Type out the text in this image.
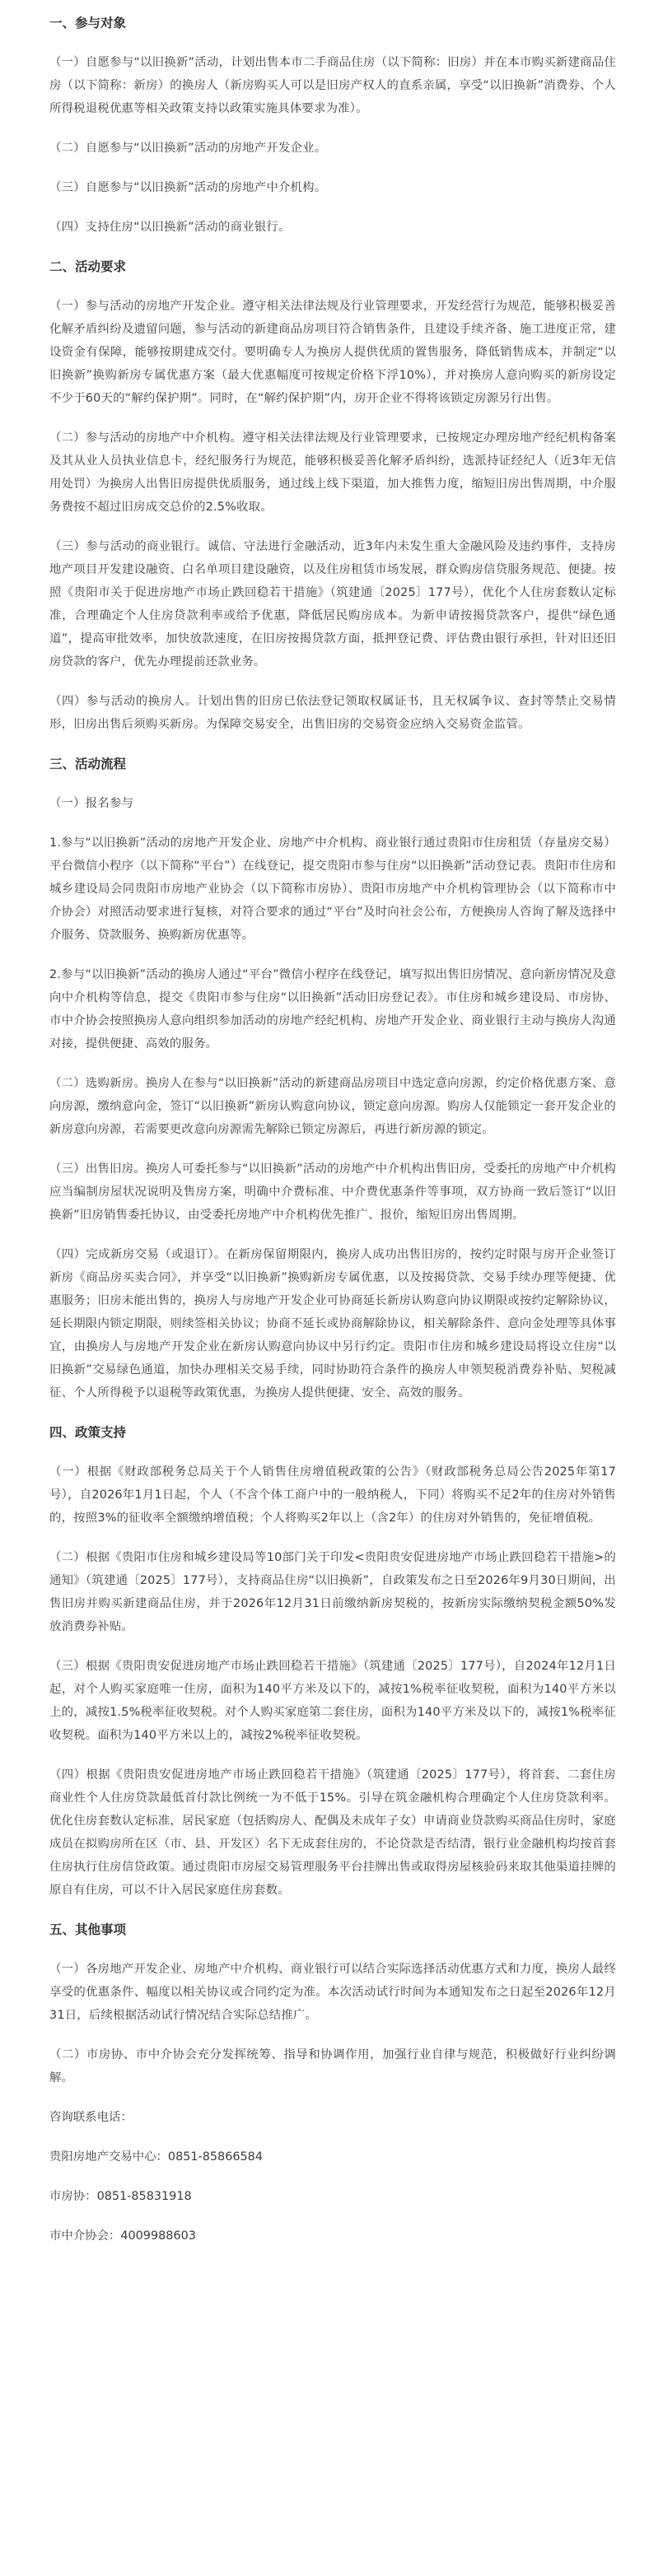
一、参与对象

（一）自愿参与“以旧换新”活动，计划出售本市二手商品住房（以下简称：旧房）并在本市购买新建商品住房（以下简称：新房）的换房人（新房购买人可以是旧房产权人的直系亲属，享受“以旧换新”消费券、个人所得税退税优惠等相关政策支持以政策实施具体要求为准）。

（二）自愿参与“以旧换新”活动的房地产开发企业。

（三）自愿参与“以旧换新”活动的房地产中介机构。

（四）支持住房“以旧换新”活动的商业银行。

二、活动要求

（一）参与活动的房地产开发企业。遵守相关法律法规及行业管理要求，开发经营行为规范，能够积极妥善化解矛盾纠纷及遗留问题，参与活动的新建商品房项目符合销售条件，且建设手续齐备、施工进度正常，建设资金有保障，能够按期建成交付。要明确专人为换房人提供优质的置售服务，降低销售成本，并制定“以旧换新”换购新房专属优惠方案（最大优惠幅度可按规定价格下浮10%），并对换房人意向购买的新房设定不少于60天的“解约保护期”。同时，在“解约保护期”内，房开企业不得将该锁定房源另行出售。

（二）参与活动的房地产中介机构。遵守相关法律法规及行业管理要求，已按规定办理房地产经纪机构备案及其从业人员执业信息卡，经纪服务行为规范，能够积极妥善化解矛盾纠纷，选派持证经纪人（近3年无信用处罚）为换房人出售旧房提供优质服务，通过线上线下渠道，加大推售力度，缩短旧房出售周期，中介服务费按不超过旧房成交总价的2.5%收取。

（三）参与活动的商业银行。诚信、守法进行金融活动，近3年内未发生重大金融风险及违约事件，支持房地产项目开发建设融资、白名单项目建设融资，以及住房租赁市场发展，群众购房信贷服务规范、便捷。按照《贵阳市关于促进房地产市场止跌回稳若干措施》（筑建通〔2025〕177号），优化个人住房套数认定标准，合理确定个人住房贷款利率或给予优惠，降低居民购房成本。为新申请按揭贷款客户，提供“绿色通道”，提高审批效率，加快放款速度，在旧房按揭贷款方面，抵押登记费、评估费由银行承担，针对旧还旧房贷款的客户，优先办理提前还款业务。

（四）参与活动的换房人。计划出售的旧房已依法登记领取权属证书，且无权属争议、查封等禁止交易情形，旧房出售后须购买新房。为保障交易安全，出售旧房的交易资金应纳入交易资金监管。

三、活动流程

（一）报名参与

1.参与“以旧换新”活动的房地产开发企业、房地产中介机构、商业银行通过贵阳市住房租赁（存量房交易）平台微信小程序（以下简称“平台”）在线登记，提交贵阳市参与住房“以旧换新”活动登记表。贵阳市住房和城乡建设局会同贵阳市房地产业协会（以下简称市房协）、贵阳市房地产中介机构管理协会（以下简称市中介协会）对照活动要求进行复核，对符合要求的通过“平台”及时向社会公布，方便换房人咨询了解及选择中介服务、贷款服务、换购新房优惠等。

2.参与“以旧换新”活动的换房人通过“平台”微信小程序在线登记，填写拟出售旧房情况、意向新房情况及意向中介机构等信息，提交《贵阳市参与住房“以旧换新”活动旧房登记表》。市住房和城乡建设局、市房协、市中介协会按照换房人意向组织参加活动的房地产经纪机构、房地产开发企业、商业银行主动与换房人沟通对接，提供便捷、高效的服务。

（二）选购新房。换房人在参与“以旧换新”活动的新建商品房项目中选定意向房源，约定价格优惠方案、意向房源，缴纳意向金，签订“以旧换新”新房认购意向协议，锁定意向房源。购房人仅能锁定一套开发企业的新房意向房源，若需要更改意向房源需先解除已锁定房源后，再进行新房源的锁定。

（三）出售旧房。换房人可委托参与“以旧换新”活动的房地产中介机构出售旧房，受委托的房地产中介机构应当编制房屋状况说明及售房方案，明确中介费标准、中介费优惠条件等事项，双方协商一致后签订“以旧换新”旧房销售委托协议，由受委托房地产中介机构优先推广、报价，缩短旧房出售周期。

（四）完成新房交易（或退订）。在新房保留期限内，换房人成功出售旧房的，按约定时限与房开企业签订新房《商品房买卖合同》，并享受“以旧换新”换购新房专属优惠，以及按揭贷款、交易手续办理等便捷、优惠服务；旧房未能出售的，换房人与房地产开发企业可协商延长新房认购意向协议期限或按约定解除协议，延长期限内锁定期限，则续签相关协议；协商不延长或协商解除协议，相关解除条件、意向金处理等具体事宜，由换房人与房地产开发企业在新房认购意向协议中另行约定。贵阳市住房和城乡建设局将设立住房“以旧换新”交易绿色通道，加快办理相关交易手续，同时协助符合条件的换房人申领契税消费券补贴、契税减征、个人所得税予以退税等政策优惠，为换房人提供便捷、安全、高效的服务。

四、政策支持

（一）根据《财政部税务总局关于个人销售住房增值税政策的公告》（财政部税务总局公告2025年第17号），自2026年1月1日起，个人（不含个体工商户中的一般纳税人，下同）将购买不足2年的住房对外销售的，按照3%的征收率全额缴纳增值税；个人将购买2年以上（含2年）的住房对外销售的，免征增值税。

（二）根据《贵阳市住房和城乡建设局等10部门关于印发<贵阳贵安促进房地产市场止跌回稳若干措施>的通知》（筑建通〔2025〕177号），支持商品住房“以旧换新”，自政策发布之日至2026年9月30日期间，出售旧房并购买新建商品住房，并于2026年12月31日前缴纳新房契税的，按新房实际缴纳契税金额50%发放消费券补贴。

（三）根据《贵阳贵安促进房地产市场止跌回稳若干措施》（筑建通〔2025〕177号），自2024年12月1日起，对个人购买家庭唯一住房，面积为140平方米及以下的，减按1%税率征收契税，面积为140平方米以上的，减按1.5%税率征收契税。对个人购买家庭第二套住房，面积为140平方米及以下的，减按1%税率征收契税。面积为140平方米以上的，减按2%税率征收契税。

（四）根据《贵阳贵安促进房地产市场止跌回稳若干措施》（筑建通〔2025〕177号），将首套、二套住房商业性个人住房贷款最低首付款比例统一为不低于15%。引导在筑金融机构合理确定个人住房贷款利率。优化住房套数认定标准，居民家庭（包括购房人、配偶及未成年子女）申请商业贷款购买商品住房时，家庭成员在拟购房所在区（市、县、开发区）名下无成套住房的，不论贷款是否结清，银行业金融机构均按首套住房执行住房信贷政策。通过贵阳市房屋交易管理服务平台挂牌出售或取得房屋核验码来取其他渠道挂牌的原自有住房，可以不计入居民家庭住房套数。

五、其他事项

（一）各房地产开发企业、房地产中介机构、商业银行可以结合实际选择活动优惠方式和力度，换房人最终享受的优惠条件、幅度以相关协议或合同约定为准。本次活动试行时间为本通知发布之日起至2026年12月31日，后续根据活动试行情况结合实际总结推广。

（二）市房协、市中介协会充分发挥统筹、指导和协调作用，加强行业自律与规范，积极做好行业纠纷调解。

咨询联系电话：

贵阳房地产交易中心：0851-85866584

市房协：0851-85831918

市中介协会：4009988603
